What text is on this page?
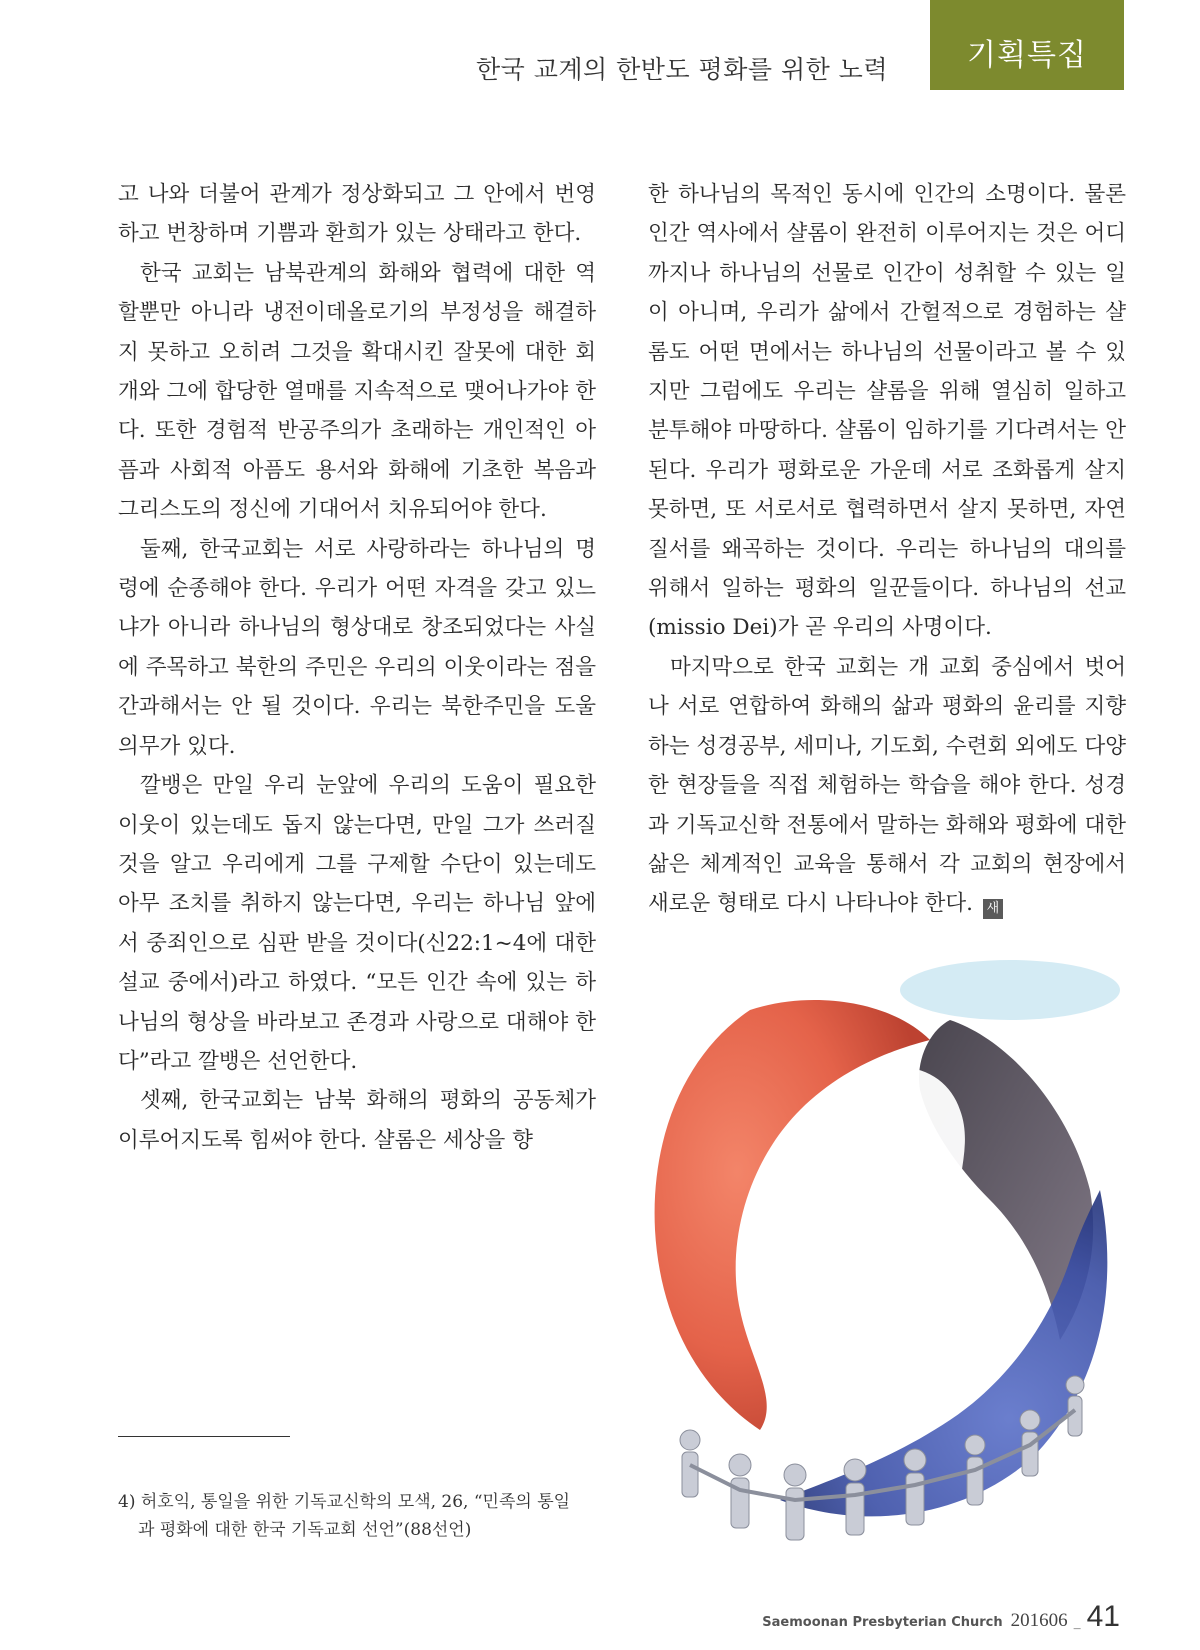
한국 교계의 한반도 평화를 위한 노력	기획특집

고 나와 더불어 관계가 정상화되고 그 안에서 번영하고 번창하며 기쁨과 환희가 있는 상태라고 한다.

한국 교회는 남북관계의 화해와 협력에 대한 역할뿐만 아니라 냉전이데올로기의 부정성을 해결하지 못하고 오히려 그것을 확대시킨 잘못에 대한 회개와 그에 합당한 열매를 지속적으로 맺어나가야 한다. 또한 경험적 반공주의가 초래하는 개인적인 아픔과 사회적 아픔도 용서와 화해에 기초한 복음과 그리스도의 정신에 기대어서 치유되어야 한다.

둘째, 한국교회는 서로 사랑하라는 하나님의 명령에 순종해야 한다. 우리가 어떤 자격을 갖고 있느냐가 아니라 하나님의 형상대로 창조되었다는 사실에 주목하고 북한의 주민은 우리의 이웃이라는 점을 간과해서는 안 될 것이다. 우리는 북한주민을 도울 의무가 있다.

깔뱅은 만일 우리 눈앞에 우리의 도움이 필요한 이웃이 있는데도 돕지 않는다면, 만일 그가 쓰러질 것을 알고 우리에게 그를 구제할 수단이 있는데도 아무 조치를 취하지 않는다면, 우리는 하나님 앞에서 중죄인으로 심판 받을 것이다(신22:1~4에 대한 설교 중에서)라고 하였다. “모든 인간 속에 있는 하나님의 형상을 바라보고 존경과 사랑으로 대해야 한다”라고 깔뱅은 선언한다.

셋째, 한국교회는 남북 화해의 평화의 공동체가 이루어지도록 힘써야 한다. 샬롬은 세상을 향

한 하나님의 목적인 동시에 인간의 소명이다. 물론 인간 역사에서 샬롬이 완전히 이루어지는 것은 어디까지나 하나님의 선물로 인간이 성취할 수 있는 일이 아니며, 우리가 삶에서 간헐적으로 경험하는 샬롬도 어떤 면에서는 하나님의 선물이라고 볼 수 있지만 그럼에도 우리는 샬롬을 위해 열심히 일하고 분투해야 마땅하다. 샬롬이 임하기를 기다려서는 안 된다. 우리가 평화로운 가운데 서로 조화롭게 살지 못하면, 또 서로서로 협력하면서 살지 못하면, 자연 질서를 왜곡하는 것이다. 우리는 하나님의 대의를 위해서 일하는 평화의 일꾼들이다. 하나님의 선교(missio Dei)가 곧 우리의 사명이다.

마지막으로 한국 교회는 개 교회 중심에서 벗어나 서로 연합하여 화해의 삶과 평화의 윤리를 지향하는 성경공부, 세미나, 기도회, 수련회 외에도 다양한 현장들을 직접 체험하는 학습을 해야 한다. 성경과 기독교신학 전통에서 말하는 화해와 평화에 대한 삶은 체계적인 교육을 통해서 각 교회의 현장에서 새로운 형태로 다시 나타나야 한다. 새

4) 허호익, 통일을 위한 기독교신학의 모색, 26, “민족의 통일
과 평화에 대한 한국 기독교회 선언”(88선언)
Saemoonan Presbyterian Church 201606 _ 41
